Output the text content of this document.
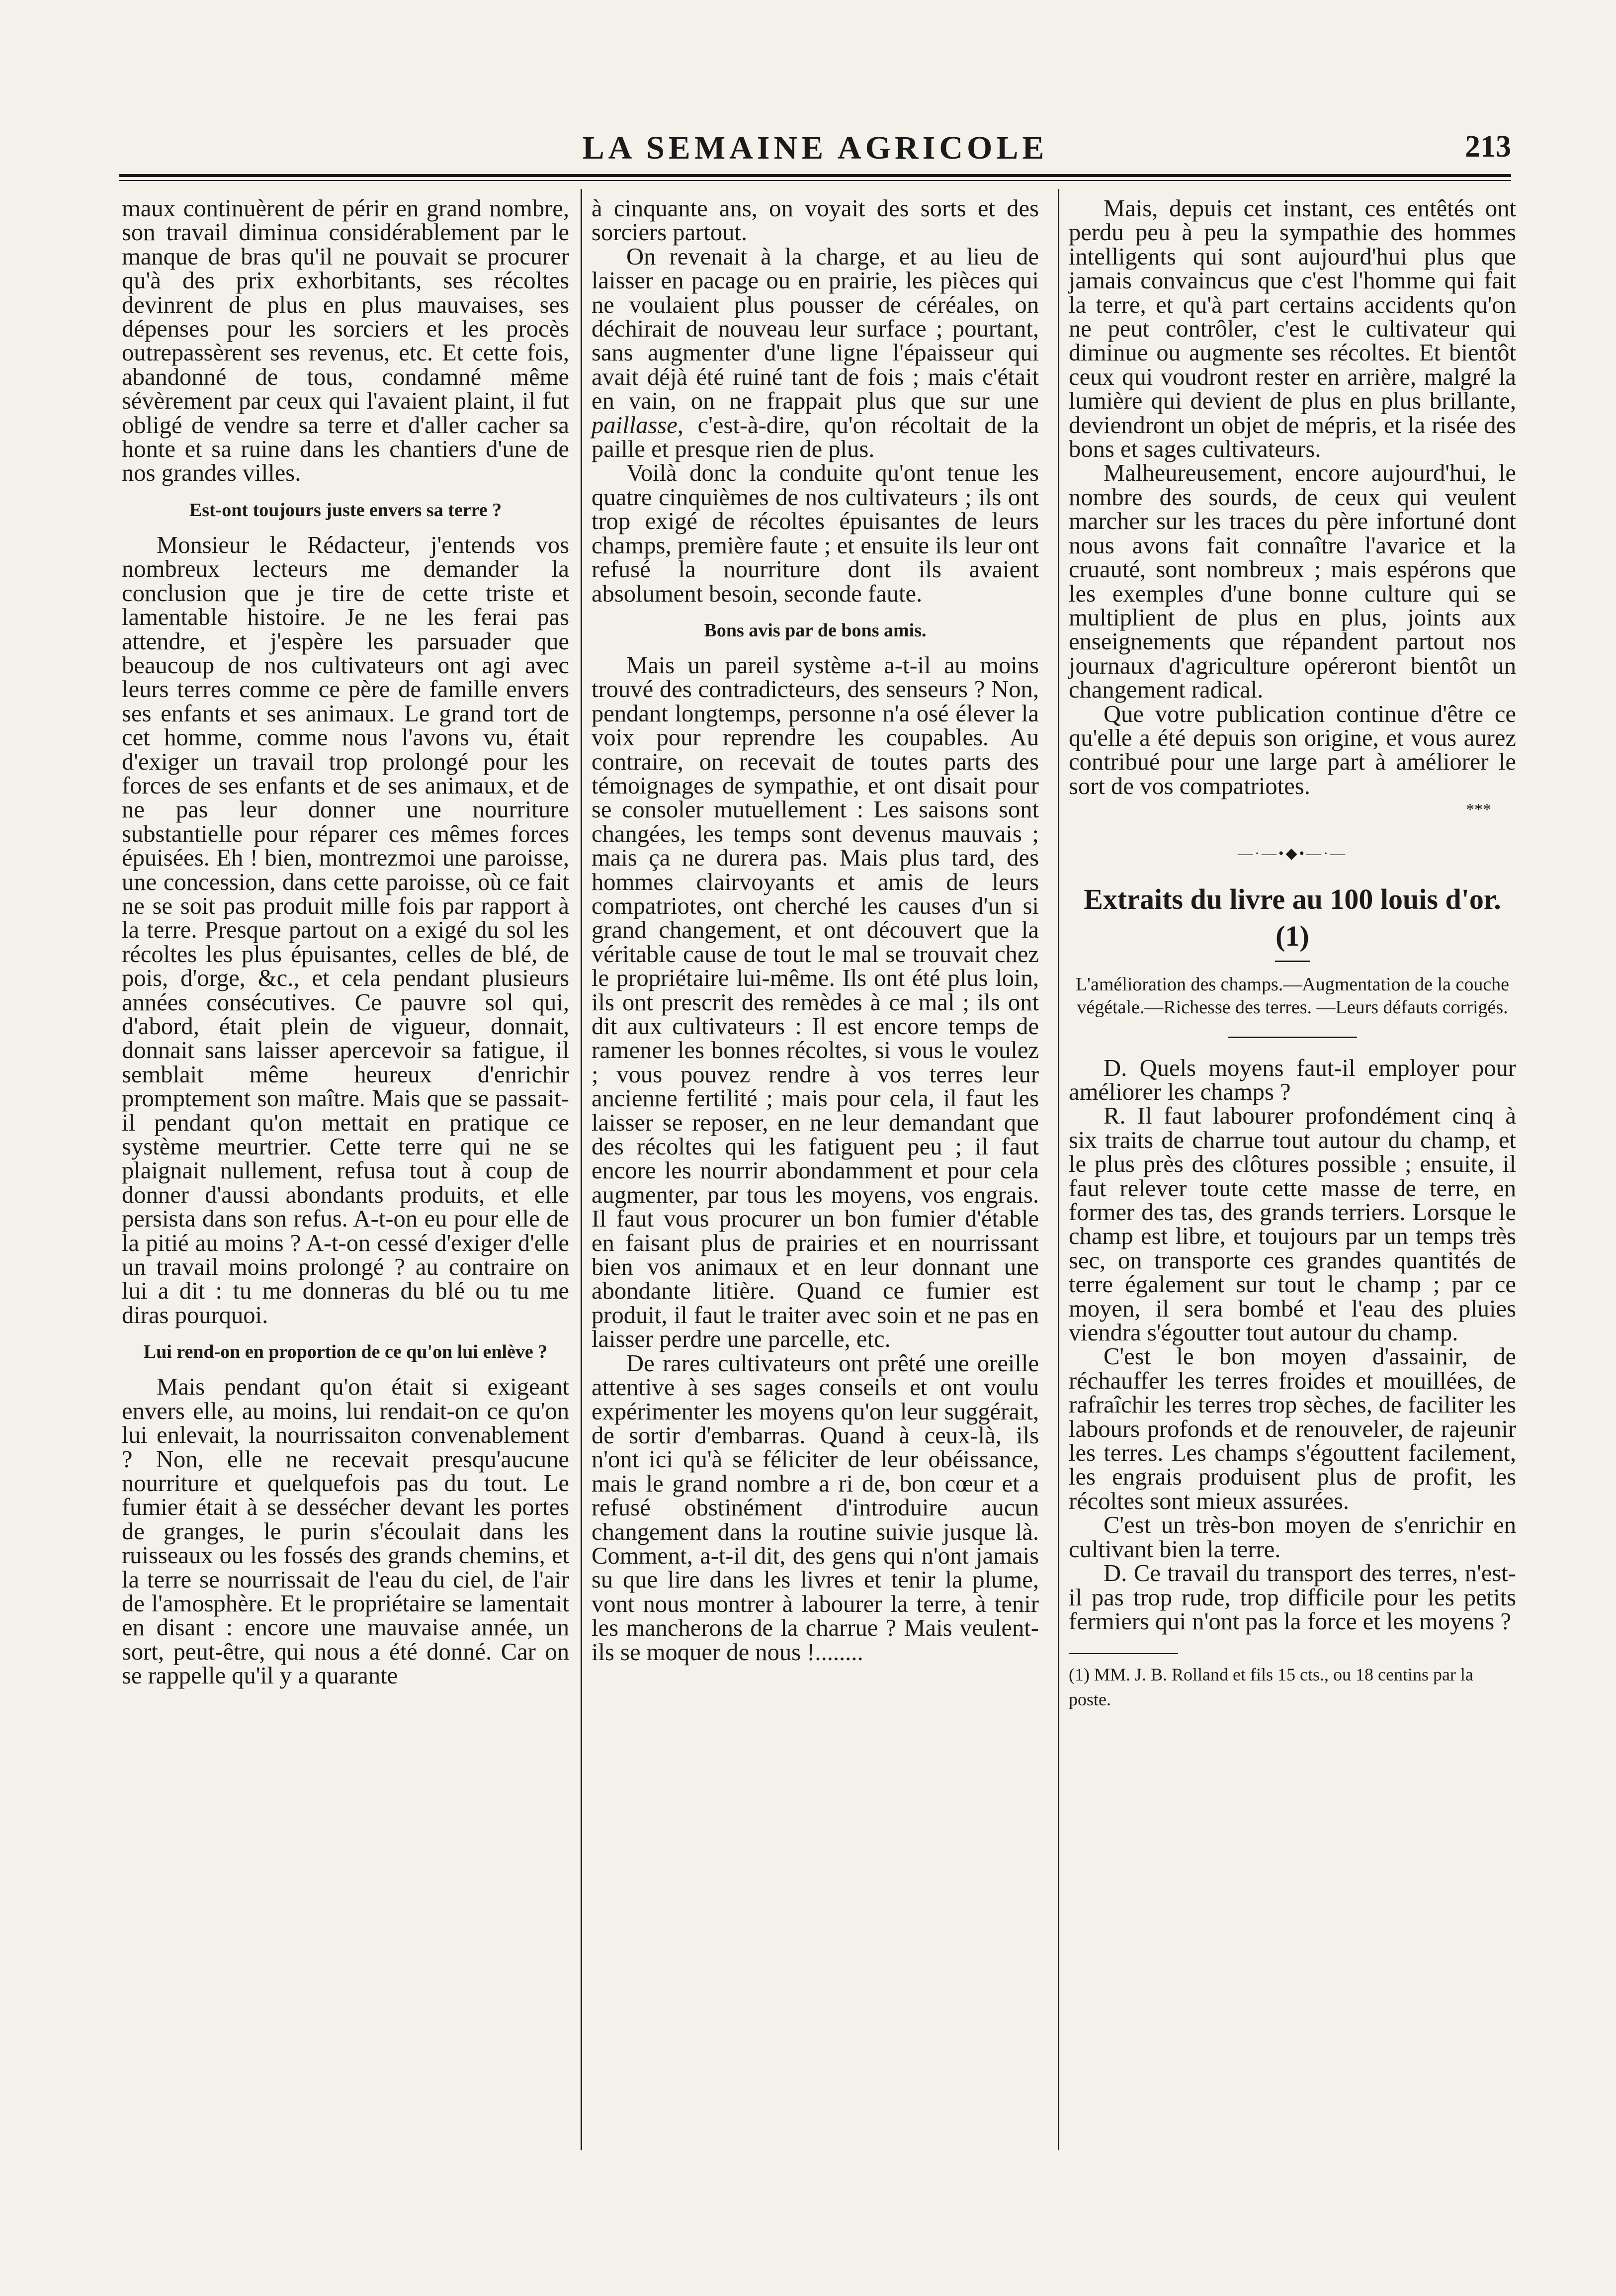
LA SEMAINE AGRICOLE	213

maux continuèrent de périr en grand nombre, son travail diminua considérablement par le manque de bras qu'il ne pouvait se procurer qu'à des prix exhorbitants, ses récoltes devinrent de plus en plus mauvaises, ses dépenses pour les sorciers et les procès outrepassèrent ses revenus, etc. Et cette fois, abandonné de tous, condamné même sévèrement par ceux qui l'avaient plaint, il fut obligé de vendre sa terre et d'aller cacher sa honte et sa ruine dans les chantiers d'une de nos grandes villes.

Est-ont toujours juste envers sa terre ?

Monsieur le Rédacteur, j'entends vos nombreux lecteurs me demander la conclusion que je tire de cette triste et lamentable histoire. Je ne les ferai pas attendre, et j'espère les parsuader que beaucoup de nos cultivateurs ont agi avec leurs terres comme ce père de famille envers ses enfants et ses animaux. Le grand tort de cet homme, comme nous l'avons vu, était d'exiger un travail trop prolongé pour les forces de ses enfants et de ses animaux, et de ne pas leur donner une nourriture substantielle pour réparer ces mêmes forces épuisées. Eh ! bien, montrezmoi une paroisse, une concession, dans cette paroisse, où ce fait ne se soit pas produit mille fois par rapport à la terre. Presque partout on a exigé du sol les récoltes les plus épuisantes, celles de blé, de pois, d'orge, &c., et cela pendant plusieurs années consécutives. Ce pauvre sol qui, d'abord, était plein de vigueur, donnait, donnait sans laisser apercevoir sa fatigue, il semblait même heureux d'enrichir promptement son maître. Mais que se passait-il pendant qu'on mettait en pratique ce système meurtrier. Cette terre qui ne se plaignait nullement, refusa tout à coup de donner d'aussi abondants produits, et elle persista dans son refus. A-t-on eu pour elle de la pitié au moins ? A-t-on cessé d'exiger d'elle un travail moins prolongé ? au contraire on lui a dit : tu me donneras du blé ou tu me diras pourquoi.

Lui rend-on en proportion de ce qu'on lui enlève ?

Mais pendant qu'on était si exigeant envers elle, au moins, lui rendait-on ce qu'on lui enlevait, la nourrissaiton convenablement ? Non, elle ne recevait presqu'aucune nourriture et quelquefois pas du tout. Le fumier était à se dessécher devant les portes de granges, le purin s'écoulait dans les ruisseaux ou les fossés des grands chemins, et la terre se nourrissait de l'eau du ciel, de l'air de l'amosphère. Et le propriétaire se lamentait en disant : encore une mauvaise année, un sort, peut-être, qui nous a été donné. Car on se rappelle qu'il y a quarante

à cinquante ans, on voyait des sorts et des sorciers partout.

On revenait à la charge, et au lieu de laisser en pacage ou en prairie, les pièces qui ne voulaient plus pousser de céréales, on déchirait de nouveau leur surface ; pourtant, sans augmenter d'une ligne l'épaisseur qui avait déjà été ruiné tant de fois ; mais c'était en vain, on ne frappait plus que sur une paillasse, c'est-à-dire, qu'on récoltait de la paille et presque rien de plus.

Voilà donc la conduite qu'ont tenue les quatre cinquièmes de nos cultivateurs ; ils ont trop exigé de récoltes épuisantes de leurs champs, première faute ; et ensuite ils leur ont refusé la nourriture dont ils avaient absolument besoin, seconde faute.

Bons avis par de bons amis.

Mais un pareil système a-t-il au moins trouvé des contradicteurs, des senseurs ? Non, pendant longtemps, personne n'a osé élever la voix pour reprendre les coupables. Au contraire, on recevait de toutes parts des témoignages de sympathie, et ont disait pour se consoler mutuellement : Les saisons sont changées, les temps sont devenus mauvais ; mais ça ne durera pas. Mais plus tard, des hommes clairvoyants et amis de leurs compatriotes, ont cherché les causes d'un si grand changement, et ont découvert que la véritable cause de tout le mal se trouvait chez le propriétaire lui-même. Ils ont été plus loin, ils ont prescrit des remèdes à ce mal ; ils ont dit aux cultivateurs : Il est encore temps de ramener les bonnes récoltes, si vous le voulez ; vous pouvez rendre à vos terres leur ancienne fertilité ; mais pour cela, il faut les laisser se reposer, en ne leur demandant que des récoltes qui les fatiguent peu ; il faut encore les nourrir abondamment et pour cela augmenter, par tous les moyens, vos engrais. Il faut vous procurer un bon fumier d'étable en faisant plus de prairies et en nourrissant bien vos animaux et en leur donnant une abondante litière. Quand ce fumier est produit, il faut le traiter avec soin et ne pas en laisser perdre une parcelle, etc.

De rares cultivateurs ont prêté une oreille attentive à ses sages conseils et ont voulu expérimenter les moyens qu'on leur suggérait, de sortir d'embarras. Quand à ceux-là, ils n'ont ici qu'à se féliciter de leur obéissance, mais le grand nombre a ri de, bon cœur et a refusé obstinément d'introduire aucun changement dans la routine suivie jusque là. Comment, a-t-il dit, des gens qui n'ont jamais su que lire dans les livres et tenir la plume, vont nous montrer à labourer la terre, à tenir les mancherons de la charrue ? Mais veulent-ils se moquer de nous !........

Mais, depuis cet instant, ces entêtés ont perdu peu à peu la sympathie des hommes intelligents qui sont aujourd'hui plus que jamais convaincus que c'est l'homme qui fait la terre, et qu'à part certains accidents qu'on ne peut contrôler, c'est le cultivateur qui diminue ou augmente ses récoltes. Et bientôt ceux qui voudront rester en arrière, malgré la lumière qui devient de plus en plus brillante, deviendront un objet de mépris, et la risée des bons et sages cultivateurs.

Malheureusement, encore aujourd'hui, le nombre des sourds, de ceux qui veulent marcher sur les traces du père infortuné dont nous avons fait connaître l'avarice et la cruauté, sont nombreux ; mais espérons que les exemples d'une bonne culture qui se multiplient de plus en plus, joints aux enseignements que répandent partout nos journaux d'agriculture opéreront bientôt un changement radical.

Que votre publication continue d'être ce qu'elle a été depuis son origine, et vous aurez contribué pour une large part à améliorer le sort de vos compatriotes.

***
—·—•◆•—·—
Extraits du livre au 100 louis d'or. (1)
L'amélioration des champs.—Augmentation de la couche végétale.—Richesse des terres. —Leurs défauts corrigés.

D. Quels moyens faut-il employer pour améliorer les champs ?

R. Il faut labourer profondément cinq à six traits de charrue tout autour du champ, et le plus près des clôtures possible ; ensuite, il faut relever toute cette masse de terre, en former des tas, des grands terriers. Lorsque le champ est libre, et toujours par un temps très sec, on transporte ces grandes quantités de terre également sur tout le champ ; par ce moyen, il sera bombé et l'eau des pluies viendra s'égoutter tout autour du champ.

C'est le bon moyen d'assainir, de réchauffer les terres froides et mouillées, de rafraîchir les terres trop sèches, de faciliter les labours profonds et de renouveler, de rajeunir les terres. Les champs s'égouttent facilement, les engrais produisent plus de profit, les récoltes sont mieux assurées.

C'est un très-bon moyen de s'enrichir en cultivant bien la terre.

D. Ce travail du transport des terres, n'est-il pas trop rude, trop difficile pour les petits fermiers qui n'ont pas la force et les moyens ?

(1) MM. J. B. Rolland et fils 15 cts., ou 18 centins par la poste.
